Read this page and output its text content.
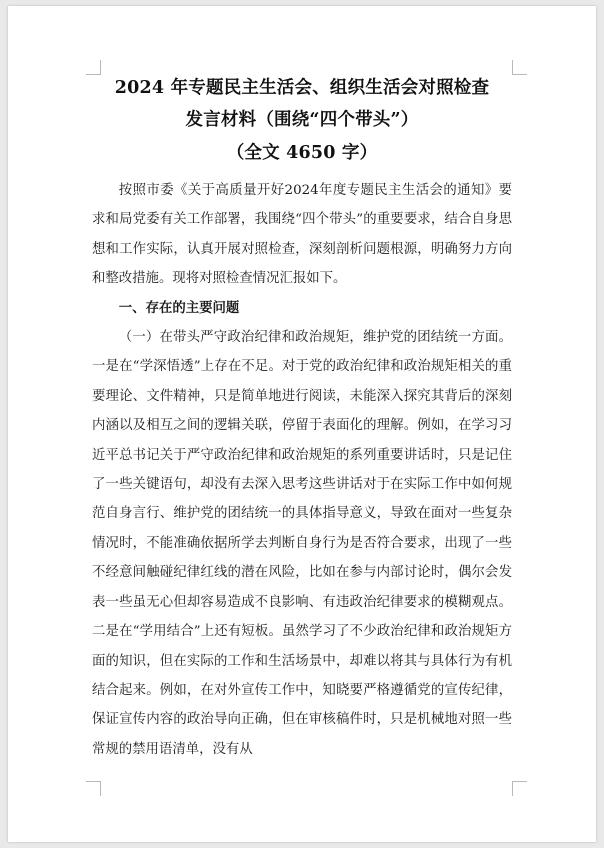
2024 年专题民主生活会、组织生活会对照检查
发言材料（围绕“四个带头”）
（全文 4650 字）

按照市委《关于高质量开好2024年度专题民主生活会的通知》要求和局党委有关工作部署，我围绕“四个带头”的重要要求，结合自身思想和工作实际，认真开展对照检查，深刻剖析问题根源，明确努力方向和整改措施。现将对照检查情况汇报如下。

一、存在的主要问题

（一）在带头严守政治纪律和政治规矩，维护党的团结统一方面。一是在“学深悟透”上存在不足。对于党的政治纪律和政治规矩相关的重要理论、文件精神，只是简单地进行阅读，未能深入探究其背后的深刻内涵以及相互之间的逻辑关联，停留于表面化的理解。例如，在学习习近平总书记关于严守政治纪律和政治规矩的系列重要讲话时，只是记住了一些关键语句，却没有去深入思考这些讲话对于在实际工作中如何规范自身言行、维护党的团结统一的具体指导意义，导致在面对一些复杂情况时，不能准确依据所学去判断自身行为是否符合要求，出现了一些不经意间触碰纪律红线的潜在风险，比如在参与内部讨论时，偶尔会发表一些虽无心但却容易造成不良影响、有违政治纪律要求的模糊观点。二是在“学用结合”上还有短板。虽然学习了不少政治纪律和政治规矩方面的知识，但在实际的工作和生活场景中，却难以将其与具体行为有机结合起来。例如，在对外宣传工作中，知晓要严格遵循党的宣传纪律，保证宣传内容的政治导向正确，但在审核稿件时，只是机械地对照一些常规的禁用语清单，没有从
